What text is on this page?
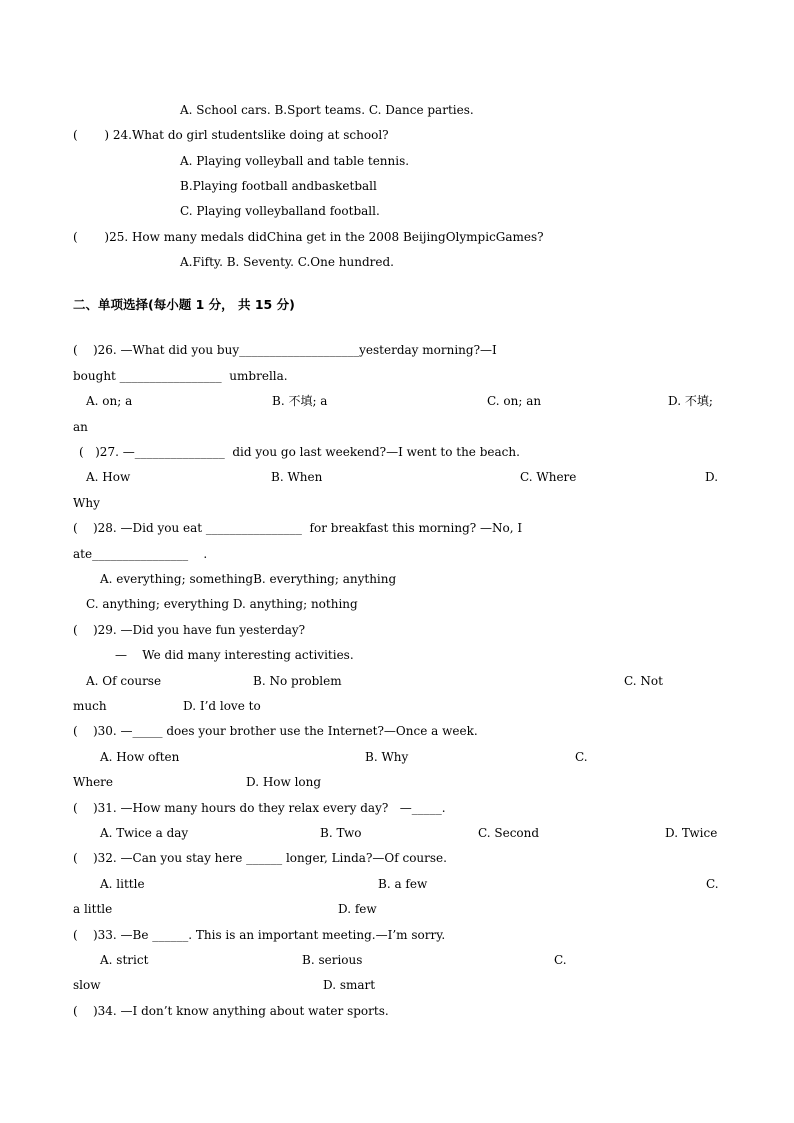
A. School cars. B.Sport teams. C. Dance parties.
(       ) 24.What do girl studentslike doing at school?
A. Playing volleyball and table tennis.
B.Playing football andbasketball
C. Playing volleyballand football.
(       )25. How many medals didChina get in the 2008 BeijingOlympicGames?
A.Fifty. B. Seventy. C.One hundred.
二、单项选择(每小题 1 分， 共 15 分)
(    )26. —What did you buy____________________yesterday morning?—I
bought _________________  umbrella.
A. on; a	B. 不填; a	C. on; an	D. 不填;
an
(   )27. —_______________  did you go last weekend?—I went to the beach.
A. How	B. When	C. Where	D.
Why
(    )28. —Did you eat ________________  for breakfast this morning? —No, I
ate________________    .
A. everything; somethingB. everything; anything
C. anything; everything D. anything; nothing
(    )29. —Did you have fun yesterday?
—    We did many interesting activities.
A. Of course	B. No problem	C. Not
much	D. I’d love to
(    )30. —_____ does your brother use the Internet?—Once a week.
A. How often	B. Why	C.
Where	D. How long
(    )31. —How many hours do they relax every day?   —_____.
A. Twice a day	B. Two	C. Second	D. Twice
(    )32. —Can you stay here ______ longer, Linda?—Of course.
A. little	B. a few	C.
a little	D. few
(    )33. —Be ______. This is an important meeting.—I’m sorry.
A. strict	B. serious	C.
slow	D. smart
(    )34. —I don’t know anything about water sports.
